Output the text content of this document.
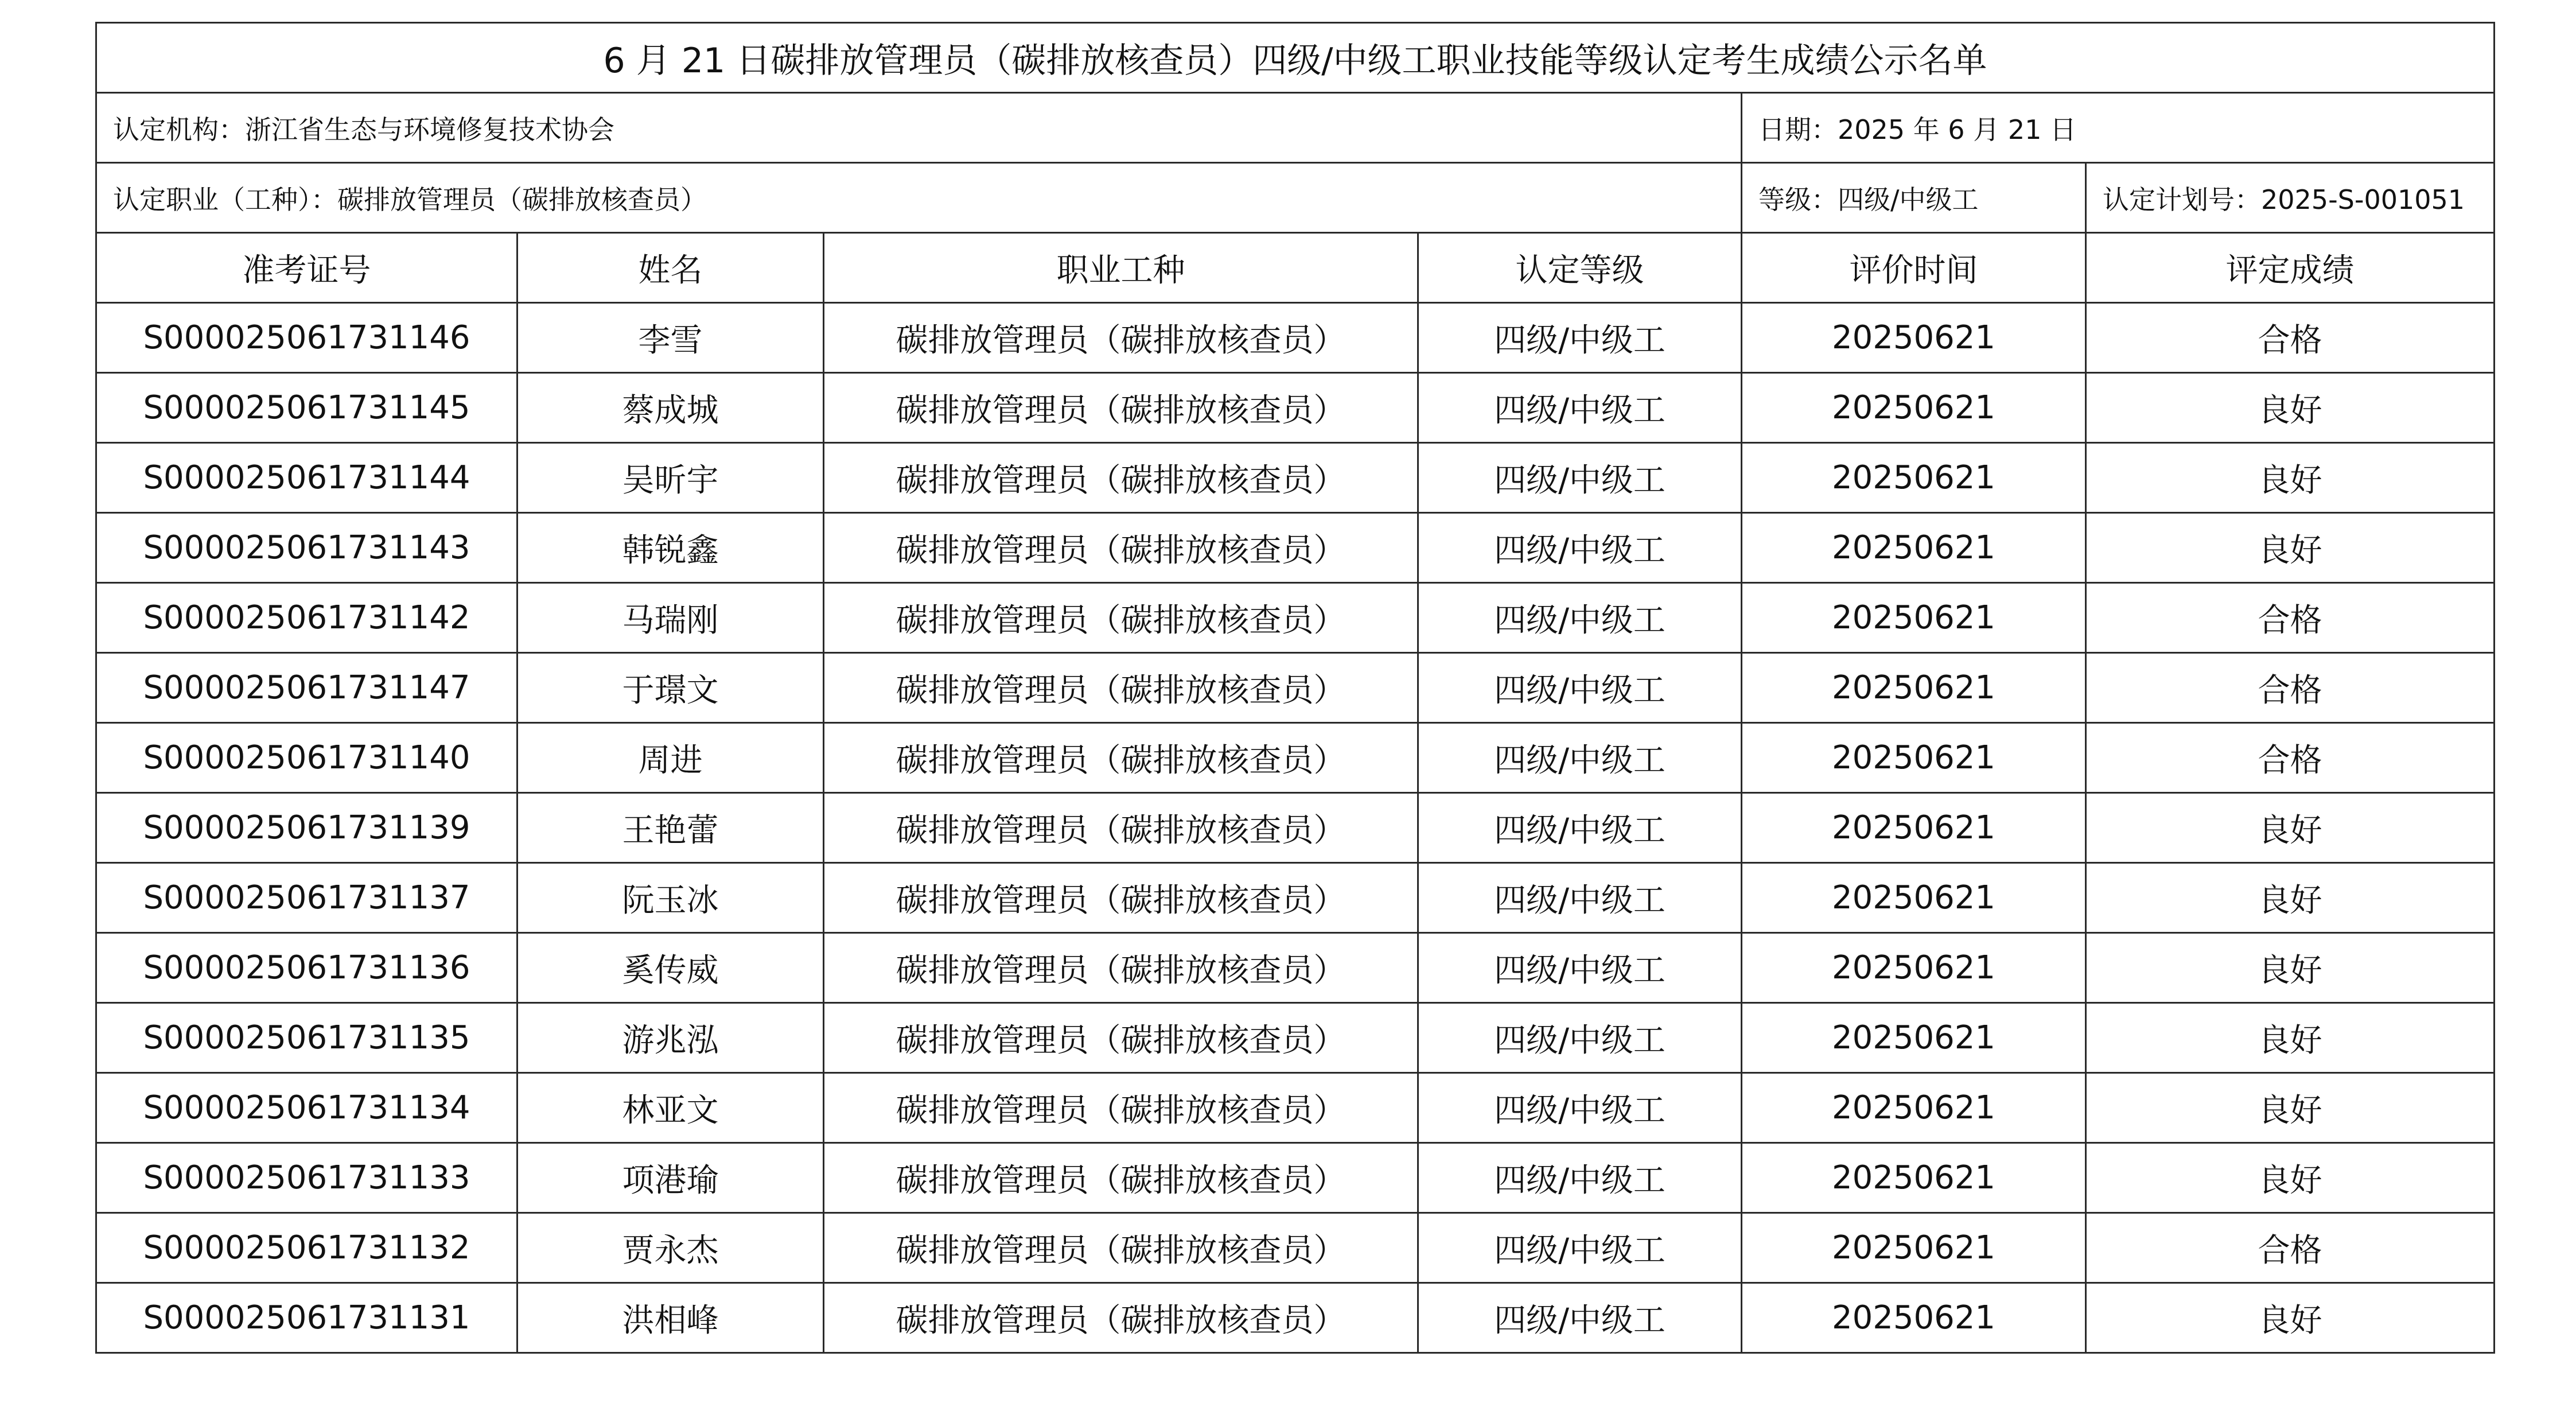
6 月 21 日碳排放管理员（碳排放核查员）四级/中级工职业技能等级认定考生成绩公示名单					
认定机构：浙江省生态与环境修复技术协会				日期：2025 年 6 月 21 日	
认定职业（工种）：碳排放管理员（碳排放核查员）				等级：四级/中级工	认定计划号：2025-S-001051
准考证号	姓名	职业工种	认定等级	评价时间	评定成绩
S000025061731146	李雪	碳排放管理员（碳排放核查员）	四级/中级工	20250621	合格
S000025061731145	蔡成城	碳排放管理员（碳排放核查员）	四级/中级工	20250621	良好
S000025061731144	吴昕宇	碳排放管理员（碳排放核查员）	四级/中级工	20250621	良好
S000025061731143	韩锐鑫	碳排放管理员（碳排放核查员）	四级/中级工	20250621	良好
S000025061731142	马瑞刚	碳排放管理员（碳排放核查员）	四级/中级工	20250621	合格
S000025061731147	于璟文	碳排放管理员（碳排放核查员）	四级/中级工	20250621	合格
S000025061731140	周进	碳排放管理员（碳排放核查员）	四级/中级工	20250621	合格
S000025061731139	王艳蕾	碳排放管理员（碳排放核查员）	四级/中级工	20250621	良好
S000025061731137	阮玉冰	碳排放管理员（碳排放核查员）	四级/中级工	20250621	良好
S000025061731136	奚传威	碳排放管理员（碳排放核查员）	四级/中级工	20250621	良好
S000025061731135	游兆泓	碳排放管理员（碳排放核查员）	四级/中级工	20250621	良好
S000025061731134	林亚文	碳排放管理员（碳排放核查员）	四级/中级工	20250621	良好
S000025061731133	项港瑜	碳排放管理员（碳排放核查员）	四级/中级工	20250621	良好
S000025061731132	贾永杰	碳排放管理员（碳排放核查员）	四级/中级工	20250621	合格
S000025061731131	洪相峰	碳排放管理员（碳排放核查员）	四级/中级工	20250621	良好
